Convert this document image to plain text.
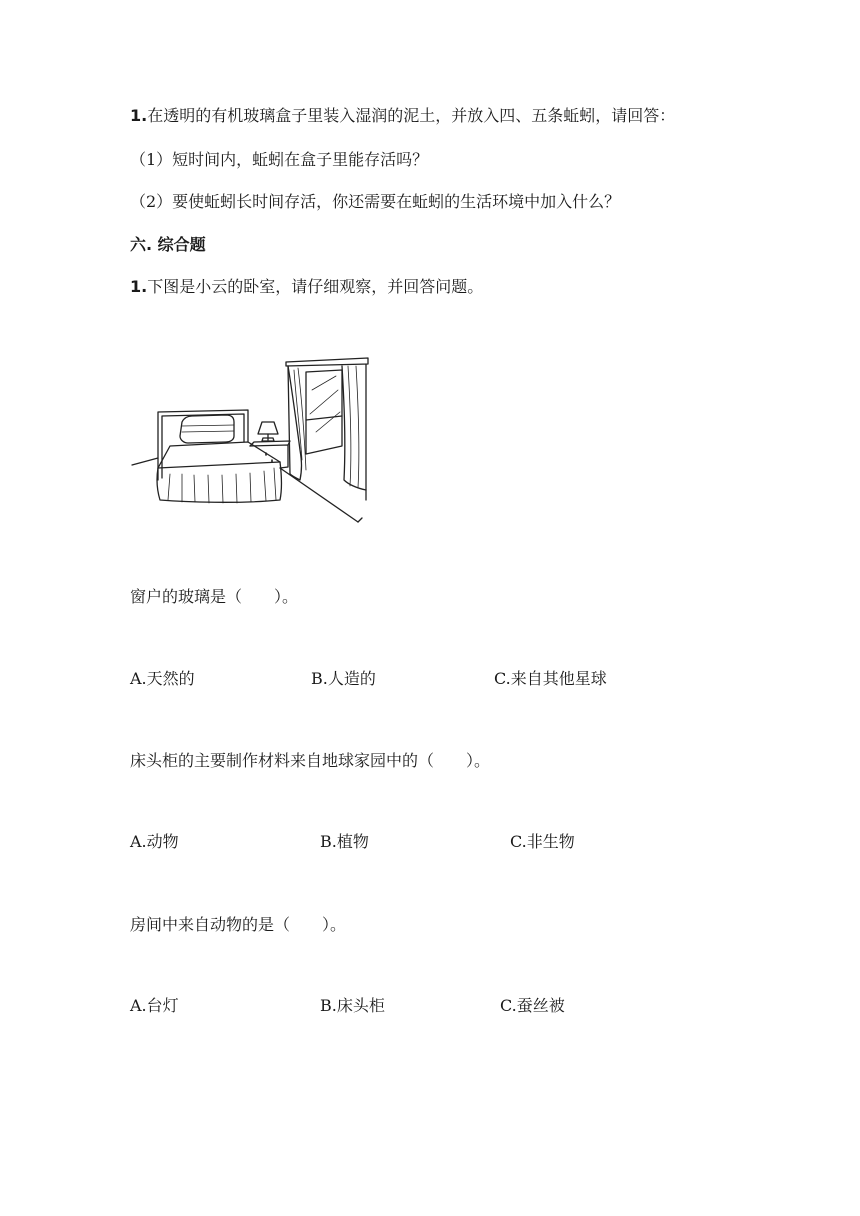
1.在透明的有机玻璃盒子里装入湿润的泥土，并放入四、五条蚯蚓，请回答：
（1）短时间内，蚯蚓在盒子里能存活吗？
（2）要使蚯蚓长时间存活，你还需要在蚯蚓的生活环境中加入什么？
六. 综合题
1.下图是小云的卧室，请仔细观察，并回答问题。
窗户的玻璃是（　　）。
A.天然的	B.人造的	C.来自其他星球
床头柜的主要制作材料来自地球家园中的（　　）。
A.动物	B.植物	C.非生物
房间中来自动物的是（　　）。
A.台灯	B.床头柜	C.蚕丝被
